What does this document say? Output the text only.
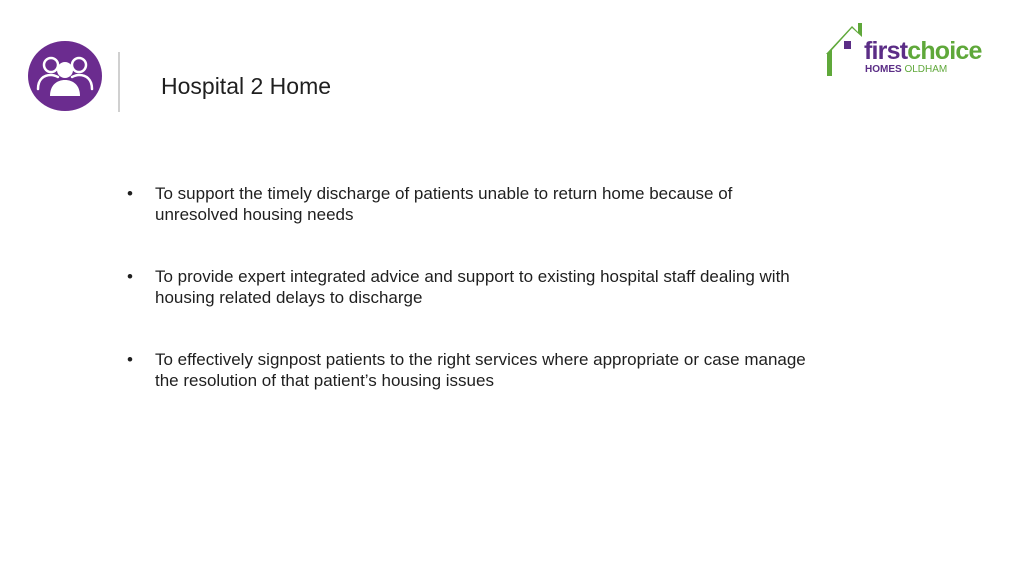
Hospital 2 Home
firstchoice
HOMES OLDHAM
• To support the timely discharge of patients unable to return home because of unresolved housing needs
• To provide expert integrated advice and support to existing hospital staff dealing with housing related delays to discharge
• To effectively signpost patients to the right services where appropriate or case manage the resolution of that patient’s housing issues
